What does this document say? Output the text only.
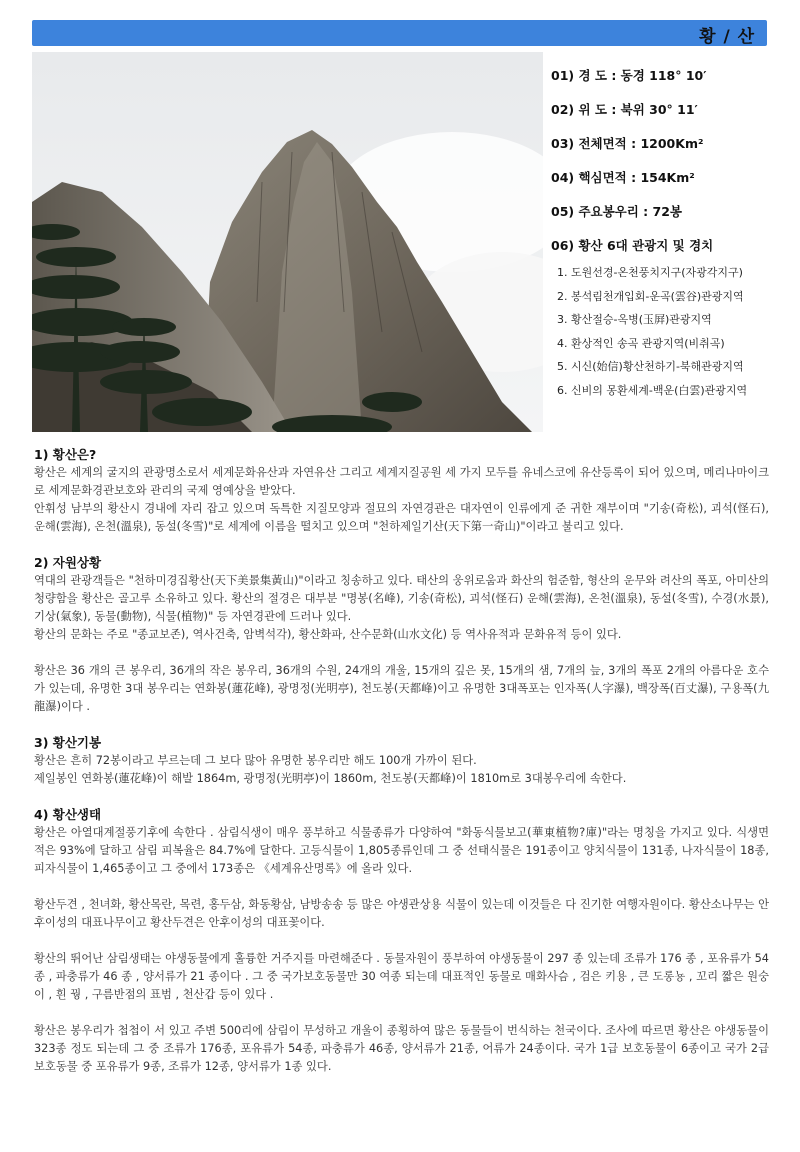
황 / 산
01) 경 도 : 동경 118° 10′
02) 위 도 : 북위 30° 11′
03) 전체면적 : 1200Km²
04) 핵심면적 : 154Km²
05) 주요봉우리 : 72봉
06) 황산 6대 관광지 및 경치
1. 도원선경-온천풍치지구(자광각지구)
2. 봉석림천개입회-운곡(雲谷)관광지역
3. 황산절승-옥병(玉屛)관광지역
4. 환상적인 송곡 관광지역(비취곡)
5. 시신(始信)황산천하기-북해관광지역
6. 신비의 몽환세계-백운(白雲)관광지역
1) 황산은?

황산은 세계의 굴지의 관광명소로서 세계문화유산과 자연유산 그리고 세계지질공원 세 가지 모두를 유네스코에 유산등록이 되어 있으며, 메리나마이크로 세계문화경관보호와 관리의 국제 영예상을 받았다.

안휘성 남부의 황산시 경내에 자리 잡고 있으며 독특한 지질모양과 절묘의 자연경관은 대자연이 인류에게 준 귀한 재부이며 "기송(奇松), 괴석(怪石), 운해(雲海), 온천(溫泉), 동설(冬雪)"로 세계에 이름을 떨치고 있으며 "천하제일기산(天下第一奇山)"이라고 불리고 있다.

2) 자원상황

역대의 관광객들은 "천하미경집황산(天下美景集黃山)"이라고 칭송하고 있다. 태산의 웅위로움과 화산의 험준함, 형산의 운무와 려산의 폭포, 아미산의 청량함을 황산은 골고루 소유하고 있다. 황산의 절경은 대부분 "명봉(名峰), 기송(奇松), 괴석(怪石) 운해(雲海), 온천(溫泉), 동설(冬雪), 수경(水景), 기상(氣象), 동물(動物), 식물(植物)" 등 자연경관에 드러나 있다.

황산의 문화는 주로 "종교보존), 역사건축, 암벽석각), 황산화파, 산수문화(山水文化) 등 역사유적과 문화유적 등이 있다.

황산은 36 개의 큰 봉우리, 36개의 작은 봉우리, 36개의 수원, 24개의 개울, 15개의 깊은 못, 15개의 샘, 7개의 늪, 3개의 폭포 2개의 아름다운 호수가 있는데, 유명한 3대 봉우리는 연화봉(蓮花峰), 광명정(光明亭), 천도봉(天都峰)이고 유명한 3대폭포는 인자폭(人字瀑), 백장폭(百丈瀑), 구용폭(九龍瀑)이다 .

3) 황산기봉

황산은 흔히 72봉이라고 부르는데 그 보다 많아 유명한 봉우리만 해도 100개 가까이 된다.

제일봉인 연화봉(蓮花峰)이 해발 1864m, 광명정(光明亭)이 1860m, 천도봉(天都峰)이 1810m로 3대봉우리에 속한다.

4) 황산생태

황산은 아열대계절풍기후에 속한다 . 삼림식생이 매우 풍부하고 식물종류가 다양하여 "화동식물보고(華東植物?庫)"라는 명칭을 가지고 있다. 식생면적은 93%에 달하고 삼림 피복율은 84.7%에 달한다. 고등식물이 1,805종류인데 그 중 선태식물은 191종이고 양치식물이 131종, 나자식물이 18종, 피자식물이 1,465종이고 그 중에서 173종은 《세계유산명록》에 올라 있다.

황산두견 , 천녀화, 황산목란, 목련, 홍두삼, 화동황삼, 남방송송 등 많은 야생관상용 식물이 있는데 이것들은 다 진기한 여행자원이다. 황산소나무는 안후이성의 대표나무이고 황산두견은 안후이성의 대표꽃이다.

황산의 뛰어난 삼림생태는 야생동물에게 훌륭한 거주지를 마련해준다 . 동물자원이 풍부하여 야생동물이 297 종 있는데 조류가 176 종 , 포유류가 54 종 , 파충류가 46 종 , 양서류가 21 종이다 . 그 중 국가보호동물만 30 여종 되는데 대표적인 동물로 매화사슴 , 검은 키용 , 큰 도롱뇽 , 꼬리 짧은 원숭이 , 흰 꿩 , 구름반점의 표범 , 천산갑 등이 있다 .

황산은 봉우리가 첩첩이 서 있고 주변 500리에 삼림이 무성하고 개울이 종횡하여 많은 동물들이 번식하는 천국이다. 조사에 따르면 황산은 야생동물이 323종 정도 되는데 그 중 조류가 176종, 포유류가 54종, 파충류가 46종, 양서류가 21종, 어류가 24종이다. 국가 1급 보호동물이 6종이고 국가 2급 보호동물 중 포유류가 9종, 조류가 12종, 양서류가 1종 있다.
